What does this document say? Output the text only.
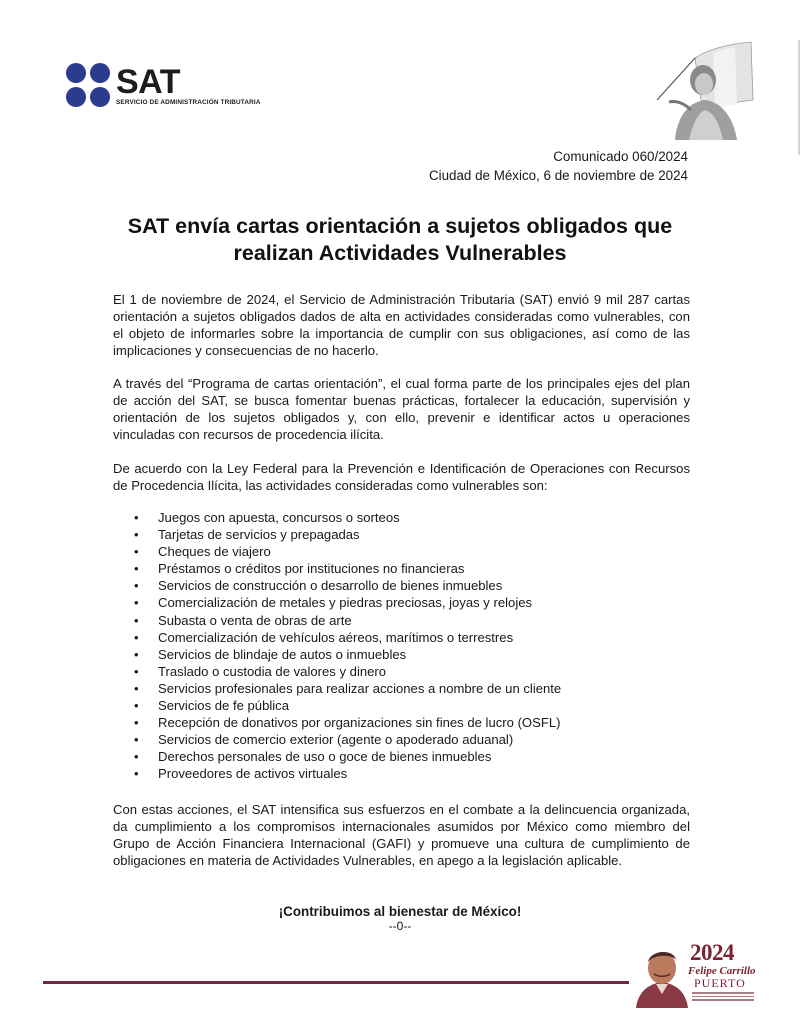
SAT
SERVICIO DE ADMINISTRACIÓN TRIBUTARIA
Comunicado 060/2024
Ciudad de México, 6 de noviembre de 2024
SAT envía cartas orientación a sujetos obligados que
realizan Actividades Vulnerables

El 1 de noviembre de 2024, el Servicio de Administración Tributaria (SAT) envió 9 mil 287 cartas orientación a sujetos obligados dados de alta en actividades consideradas como vulnerables, con el objeto de informarles sobre la importancia de cumplir con sus obligaciones, así como de las implicaciones y consecuencias de no hacerlo.

A través del “Programa de cartas orientación”, el cual forma parte de los principales ejes del plan de acción del SAT, se busca fomentar buenas prácticas, fortalecer la educación, supervisión y orientación de los sujetos obligados y, con ello, prevenir e identificar actos u operaciones vinculadas con recursos de procedencia ilícita.

De acuerdo con la Ley Federal para la Prevención e Identificación de Operaciones con Recursos de Procedencia Ilícita, las actividades consideradas como vulnerables son:

• Juegos con apuesta, concursos o sorteos
• Tarjetas de servicios y prepagadas
• Cheques de viajero
• Préstamos o créditos por instituciones no financieras
• Servicios de construcción o desarrollo de bienes inmuebles
• Comercialización de metales y piedras preciosas, joyas y relojes
• Subasta o venta de obras de arte
• Comercialización de vehículos aéreos, marítimos o terrestres
• Servicios de blindaje de autos o inmuebles
• Traslado o custodia de valores y dinero
• Servicios profesionales para realizar acciones a nombre de un cliente
• Servicios de fe pública
• Recepción de donativos por organizaciones sin fines de lucro (OSFL)
• Servicios de comercio exterior (agente o apoderado aduanal)
• Derechos personales de uso o goce de bienes inmuebles
• Proveedores de activos virtuales

Con estas acciones, el SAT intensifica sus esfuerzos en el combate a la delincuencia organizada, da cumplimiento a los compromisos internacionales asumidos por México como miembro del Grupo de Acción Financiera Internacional (GAFI) y promueve una cultura de cumplimiento de obligaciones en materia de Actividades Vulnerables, en apego a la legislación aplicable.

¡Contribuimos al bienestar de México!
--0--
2024
Felipe Carrillo
PUERTO
